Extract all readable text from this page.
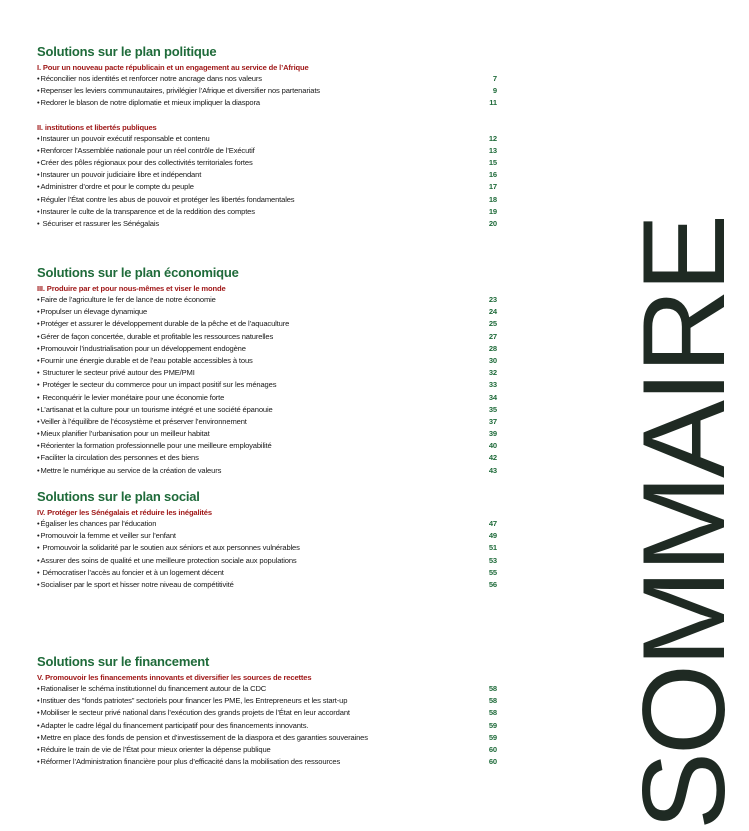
SOMMAIRE
Solutions sur le plan politique
I. Pour un nouveau pacte républicain et un engagement au service de l’Afrique
• Réconcilier nos identités et renforcer notre ancrage dans nos valeurs	7
• Repenser les leviers communautaires, privilégier l’Afrique et diversifier nos partenariats	9
• Redorer le blason de notre diplomatie et mieux impliquer la diaspora	11
II. institutions et libertés publiques
• Instaurer un pouvoir exécutif responsable et contenu	12
• Renforcer l’Assemblée nationale pour un réel contrôle de l’Exécutif	13
• Créer des pôles régionaux pour des collectivités territoriales fortes	15
• Instaurer un pouvoir judiciaire libre et indépendant	16
• Administrer d’ordre et pour le compte du peuple	17
• Réguler l’État contre les abus de pouvoir et protéger les libertés fondamentales	18
• Instaurer le culte de la transparence et de la reddition des comptes	19
• Sécuriser et rassurer les Sénégalais	20
Solutions sur le plan économique
III. Produire par et pour nous-mêmes et viser le monde
• Faire de l’agriculture le fer de lance de notre économie	23
• Propulser un élevage dynamique	24
• Protéger et assurer le développement durable de la pêche et de l’aquaculture	25
• Gérer de façon concertée, durable et profitable les ressources naturelles	27
• Promouvoir l’industrialisation pour un développement endogène	28
• Fournir une énergie durable et de l’eau potable accessibles à tous	30
• Structurer le secteur privé autour des PME/PMI	32
• Protéger le secteur du commerce pour un impact positif sur les ménages	33
• Reconquérir le levier monétaire pour une économie forte	34
• L’artisanat et la culture pour un tourisme intégré et une société épanouie	35
• Veiller à l’équilibre de l’écosystème et préserver l’environnement	37
• Mieux planifier l’urbanisation pour un meilleur habitat	39
• Réorienter la formation professionnelle pour une meilleure employabilité	40
• Faciliter la circulation des personnes et des biens	42
• Mettre le numérique au service de la création de valeurs	43
Solutions sur le plan social
IV. Protéger les Sénégalais et réduire les inégalités
• Égaliser les chances par l’éducation	47
• Promouvoir la femme et veiller sur l’enfant	49
• Promouvoir la solidarité par le soutien aux séniors et aux personnes vulnérables	51
• Assurer des soins de qualité et une meilleure protection sociale aux populations	53
• Démocratiser l’accès au foncier et à un logement décent	55
• Socialiser par le sport et hisser notre niveau de compétitivité	56
Solutions sur le financement
V. Promouvoir les financements innovants et diversifier les sources de recettes
• Rationaliser le schéma institutionnel du financement autour de la CDC	58
• Instituer des “fonds patriotes” sectoriels pour financer les PME, les Entrepreneurs et les start-up	58
• Mobiliser le secteur privé national dans l’exécution des grands projets de l’État en leur accordant	58
• Adapter le cadre légal du financement participatif pour des financements innovants.	59
• Mettre en place des fonds de pension et d’investissement de la diaspora et des garanties souveraines	59
• Réduire le train de vie de l’État pour mieux orienter la dépense publique	60
• Réformer l’Administration financière pour plus d’efficacité dans la mobilisation des ressources	60
